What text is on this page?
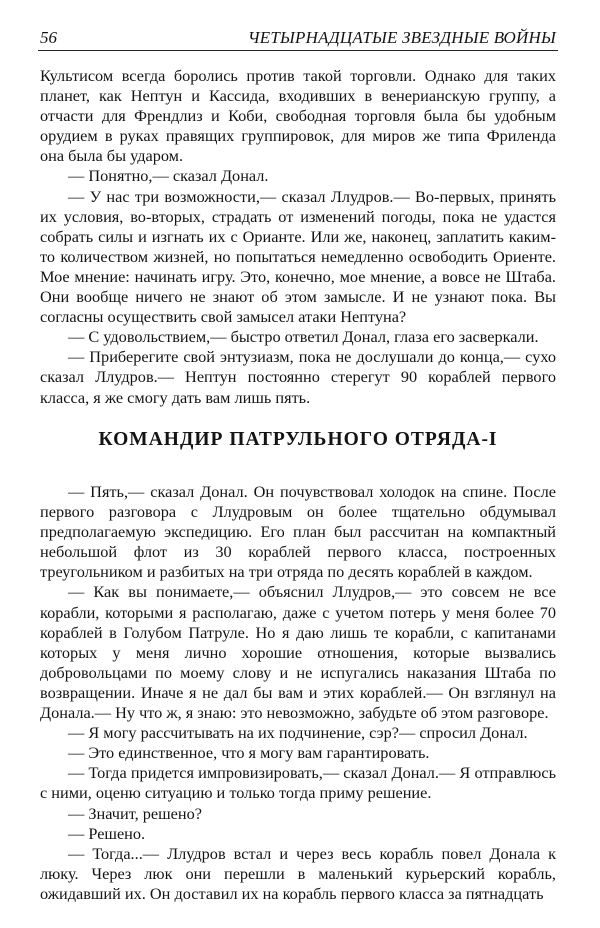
56	ЧЕТЫРНАДЦАТЫЕ ЗВЕЗДНЫЕ ВОЙНЫ

Культисом всегда боролись против такой торговли. Однако для таких планет, как Нептун и Кассида, входивших в венерианскую группу, а отчасти для Френдлиз и Коби, свободная торговля была бы удобным орудием в руках правящих группировок, для миров же типа Фриленда она была бы ударом.

— Понятно,— сказал Донал.

— У нас три возможности,— сказал Ллудров.— Во-первых, принять их условия, во-вторых, страдать от изменений погоды, пока не удастся собрать силы и изгнать их с Орианте. Или же, наконец, заплатить каким-то количеством жизней, но попытаться немедленно освободить Ориенте. Мое мнение: начинать игру. Это, конечно, мое мнение, а вовсе не Штаба. Они вообще ничего не знают об этом замысле. И не узнают пока. Вы согласны осуществить свой замысел атаки Нептуна?

— С удовольствием,— быстро ответил Донал, глаза его засверкали.

— Приберегите свой энтузиазм, пока не дослушали до конца,— сухо сказал Ллудров.— Нептун постоянно стерегут 90 кораблей первого класса, я же смогу дать вам лишь пять.

КОМАНДИР ПАТРУЛЬНОГО ОТРЯДА-I

— Пять,— сказал Донал. Он почувствовал холодок на спине. После первого разговора с Ллудровым он более тщательно обдумывал предполагаемую экспедицию. Его план был рассчитан на компактный небольшой флот из 30 кораблей первого класса, построенных треугольником и разбитых на три отряда по десять кораблей в каждом.

— Как вы понимаете,— объяснил Ллудров,— это совсем не все корабли, которыми я располагаю, даже с учетом потерь у меня более 70 кораблей в Голубом Патруле. Но я даю лишь те корабли, с капитанами которых у меня лично хорошие отношения, которые вызвались добровольцами по моему слову и не испугались наказания Штаба по возвращении. Иначе я не дал бы вам и этих кораблей.— Он взглянул на Донала.— Ну что ж, я знаю: это невозможно, забудьте об этом разговоре.

— Я могу рассчитывать на их подчинение, сэр?— спросил Донал.

— Это единственное, что я могу вам гарантировать.

— Тогда придется импровизировать,— сказал Донал.— Я отправлюсь с ними, оценю ситуацию и только тогда приму решение.

— Значит, решено?

— Решено.

— Тогда...— Ллудров встал и через весь корабль повел Донала к люку. Через люк они перешли в маленький курьерский корабль, ожидавший их. Он доставил их на корабль первого класса за пятнадцать
